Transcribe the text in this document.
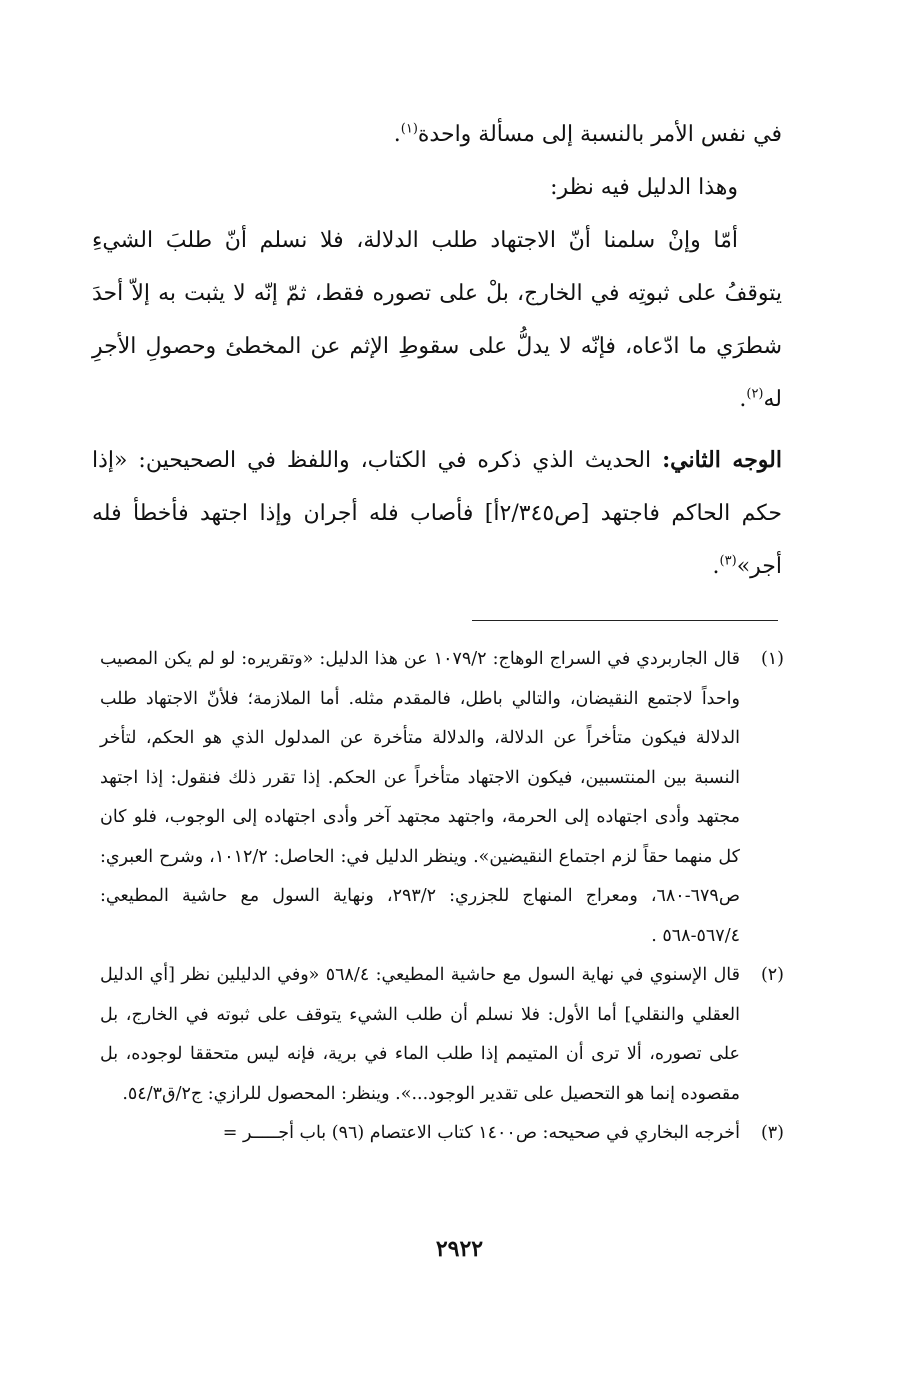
في نفس الأمر بالنسبة إلى مسألة واحدة$^{(١)}$.

وهذا الدليل فيه نظر:

أمّا وإنْ سلمنا أنّ الاجتهاد طلب الدلالة، فلا نسلم أنّ طلبَ الشيءِ يتوقفُ على ثبوتِه في الخارج، بلْ على تصوره فقط، ثمّ إنّه لا يثبت به إلاّ أحدَ شطرَي ما ادّعاه، فإنّه لا يدلُّ على سقوطِ الإثم عن المخطئ وحصولِ الأجرِ له$^{(٢)}$.

الوجه الثاني: الحديث الذي ذكره في الكتاب، واللفظ في الصحيحين: «إذا حكم الحاكم فاجتهد [ص٢/٣٤٥أ] فأصاب فله أجران وإذا اجتهد فأخطأ فله أجر»$^{(٣)}$.

(١)
قال الجاربردي في السراج الوهاج: ١٠٧٩/٢ عن هذا الدليل: «وتقريره: لو لم يكن المصيب واحداً لاجتمع النقيضان، والتالي باطل، فالمقدم مثله. أما الملازمة؛ فلأنّ الاجتهاد طلب الدلالة فيكون متأخراً عن الدلالة، والدلالة متأخرة عن المدلول الذي هو الحكم، لتأخر النسبة بين المنتسبين، فيكون الاجتهاد متأخراً عن الحكم. إذا تقرر ذلك فنقول: إذا اجتهد مجتهد وأدى اجتهاده إلى الحرمة، واجتهد مجتهد آخر وأدى اجتهاده إلى الوجوب، فلو كان كل منهما حقاً لزم اجتماع النقيضين». وينظر الدليل في: الحاصل: ١٠١٢/٢، وشرح العبري: ص٦٧٩-٦٨٠، ومعراج المنهاج للجزري: ٢٩٣/٢، ونهاية السول مع حاشية المطيعي: ٥٦٧/٤-٥٦٨ .
(٢)
قال الإسنوي في نهاية السول مع حاشية المطيعي: ٥٦٨/٤ «وفي الدليلين نظر [أي الدليل العقلي والنقلي] أما الأول: فلا نسلم أن طلب الشيء يتوقف على ثبوته في الخارج، بل على تصوره، ألا ترى أن المتيمم إذا طلب الماء في برية، فإنه ليس متحققا لوجوده، بل مقصوده إنما هو التحصيل على تقدير الوجود...». وينظر: المحصول للرازي: ج٢/ق٥٤/٣.
(٣)
أخرجه البخاري في صحيحه: ص١٤٠٠ كتاب الاعتصام (٩٦) باب أجـــــر =
٢٩٢٢
